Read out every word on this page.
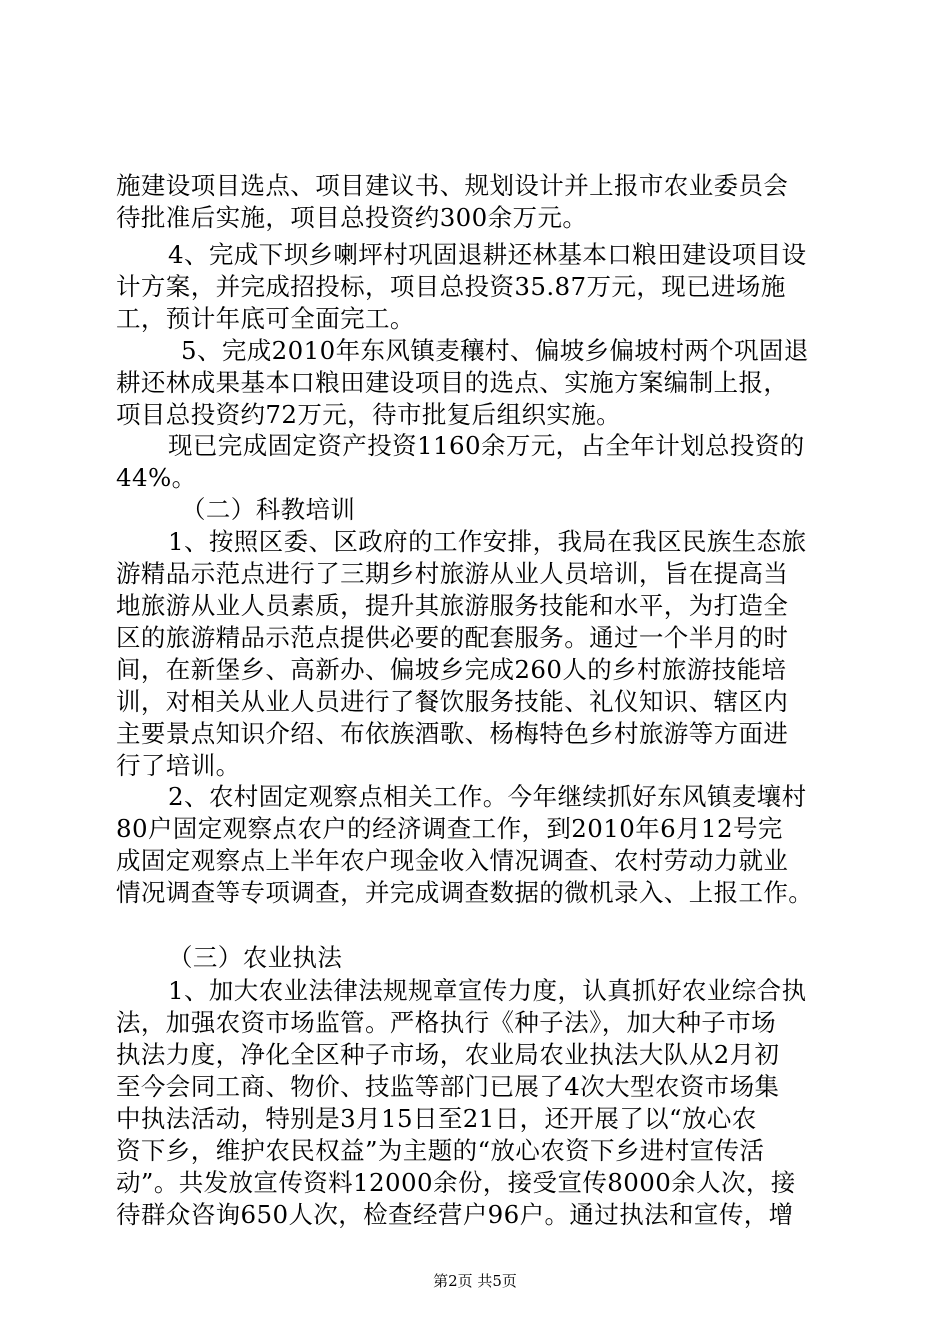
施建设项目选点、项目建议书、规划设计并上报市农业委员会
待批准后实施，项目总投资约300余万元。
4、完成下坝乡喇坪村巩固退耕还林基本口粮田建设项目设
计方案，并完成招投标，项目总投资35.87万元，现已进场施
工，预计年底可全面完工。
5、完成2010年东风镇麦穰村、偏坡乡偏坡村两个巩固退
耕还林成果基本口粮田建设项目的选点、实施方案编制上报，
项目总投资约72万元，待市批复后组织实施。
现已完成固定资产投资1160余万元，占全年计划总投资的
44%。
（二）科教培训
1、按照区委、区政府的工作安排，我局在我区民族生态旅
游精品示范点进行了三期乡村旅游从业人员培训，旨在提高当
地旅游从业人员素质，提升其旅游服务技能和水平，为打造全
区的旅游精品示范点提供必要的配套服务。通过一个半月的时
间，在新堡乡、高新办、偏坡乡完成260人的乡村旅游技能培
训，对相关从业人员进行了餐饮服务技能、礼仪知识、辖区内
主要景点知识介绍、布依族酒歌、杨梅特色乡村旅游等方面进
行了培训。
2、农村固定观察点相关工作。今年继续抓好东风镇麦壤村
80户固定观察点农户的经济调查工作，到2010年6月12号完
成固定观察点上半年农户现金收入情况调查、农村劳动力就业
情况调查等专项调查，并完成调查数据的微机录入、上报工作。
（三）农业执法
1、加大农业法律法规规章宣传力度，认真抓好农业综合执
法，加强农资市场监管。严格执行《种子法》，加大种子市场
执法力度，净化全区种子市场，农业局农业执法大队从2月初
至今会同工商、物价、技监等部门已展了4次大型农资市场集
中执法活动，特别是3月15日至21日，还开展了以“放心农
资下乡，维护农民权益”为主题的“放心农资下乡进村宣传活
动”。共发放宣传资料12000余份，接受宣传8000余人次，接
待群众咨询650人次，检查经营户96户。通过执法和宣传，增
第2页 共5页
